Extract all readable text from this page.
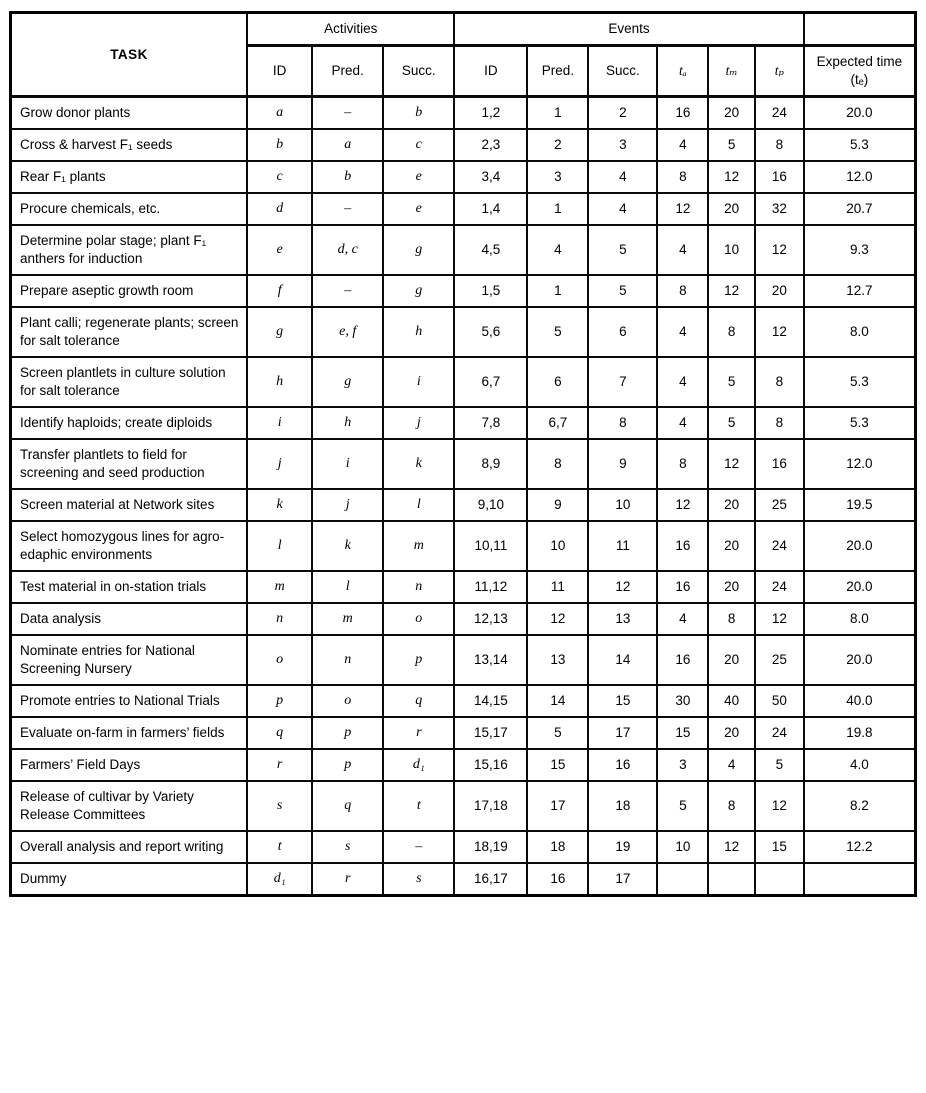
TASK	Activities			Events						
	ID	Pred.	Succ.	ID	Pred.	Succ.	tₐ	tₘ	tₚ	Expected time (tₑ)
Grow donor plants	a	–	b	1,2	1	2	16	20	24	20.0
Cross & harvest F₁ seeds	b	a	c	2,3	2	3	4	5	8	5.3
Rear F₁ plants	c	b	e	3,4	3	4	8	12	16	12.0
Procure chemicals, etc.	d	–	e	1,4	1	4	12	20	32	20.7
Determine polar stage; plant F₁ anthers for induction	e	d, c	g	4,5	4	5	4	10	12	9.3
Prepare aseptic growth room	f	–	g	1,5	1	5	8	12	20	12.7
Plant calli; regenerate plants; screen for salt tolerance	g	e, f	h	5,6	5	6	4	8	12	8.0
Screen plantlets in culture solution for salt tolerance	h	g	i	6,7	6	7	4	5	8	5.3
Identify haploids; create diploids	i	h	j	7,8	6,7	8	4	5	8	5.3
Transfer plantlets to field for screening and seed production	j	i	k	8,9	8	9	8	12	16	12.0
Screen material at Network sites	k	j	l	9,10	9	10	12	20	25	19.5
Select homozygous lines for agro-edaphic environments	l	k	m	10,11	10	11	16	20	24	20.0
Test material in on-station trials	m	l	n	11,12	11	12	16	20	24	20.0
Data analysis	n	m	o	12,13	12	13	4	8	12	8.0
Nominate entries for National Screening Nursery	o	n	p	13,14	13	14	16	20	25	20.0
Promote entries to National Trials	p	o	q	14,15	14	15	30	40	50	40.0
Evaluate on-farm in farmers’ fields	q	p	r	15,17	5	17	15	20	24	19.8
Farmers’ Field Days	r	p	d₁	15,16	15	16	3	4	5	4.0
Release of cultivar by Variety Release Committees	s	q	t	17,18	17	18	5	8	12	8.2
Overall analysis and report writing	t	s	–	18,19	18	19	10	12	15	12.2
Dummy	d₁	r	s	16,17	16	17				
